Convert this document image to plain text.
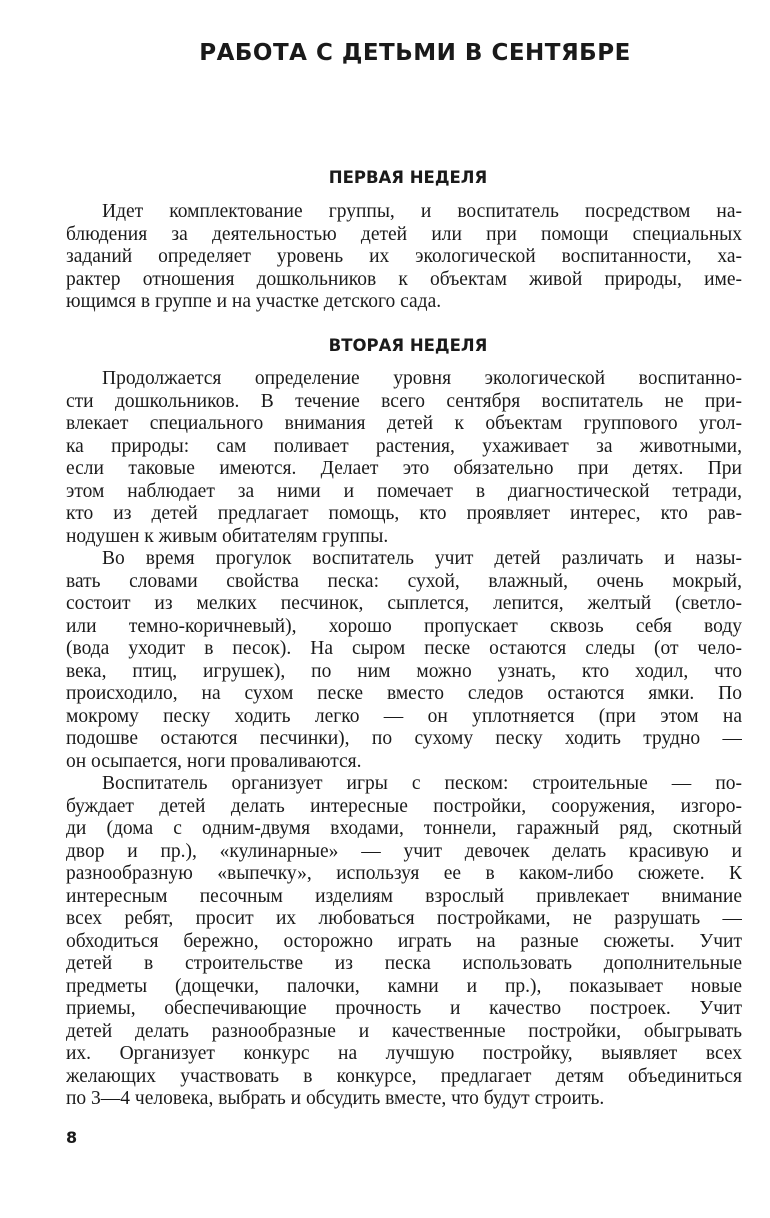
РАБОТА С ДЕТЬМИ В СЕНТЯБРЕ
ПЕРВАЯ НЕДЕЛЯ
Идет комплектование группы, и воспитатель посредством на-
блюдения за деятельностью детей или при помощи специальных
заданий определяет уровень их экологической воспитанности, ха-
рактер отношения дошкольников к объектам живой природы, име-
ющимся в группе и на участке детского сада.
ВТОРАЯ НЕДЕЛЯ
Продолжается определение уровня экологической воспитанно-
сти дошкольников. В течение всего сентября воспитатель не при-
влекает специального внимания детей к объектам группового угол-
ка природы: сам поливает растения, ухаживает за животными,
если таковые имеются. Делает это обязательно при детях. При
этом наблюдает за ними и помечает в диагностической тетради,
кто из детей предлагает помощь, кто проявляет интерес, кто рав-
нодушен к живым обитателям группы.
Во время прогулок воспитатель учит детей различать и назы-
вать словами свойства песка: сухой, влажный, очень мокрый,
состоит из мелких песчинок, сыплется, лепится, желтый (светло-
или темно-коричневый), хорошо пропускает сквозь себя воду
(вода уходит в песок). На сыром песке остаются следы (от чело-
века, птиц, игрушек), по ним можно узнать, кто ходил, что
происходило, на сухом песке вместо следов остаются ямки. По
мокрому песку ходить легко — он уплотняется (при этом на
подошве остаются песчинки), по сухому песку ходить трудно —
он осыпается, ноги проваливаются.
Воспитатель организует игры с песком: строительные — по-
буждает детей делать интересные постройки, сооружения, изгоро-
ди (дома с одним-двумя входами, тоннели, гаражный ряд, скотный
двор и пр.), «кулинарные» — учит девочек делать красивую и
разнообразную «выпечку», используя ее в каком-либо сюжете. К
интересным песочным изделиям взрослый привлекает внимание
всех ребят, просит их любоваться постройками, не разрушать —
обходиться бережно, осторожно играть на разные сюжеты. Учит
детей в строительстве из песка использовать дополнительные
предметы (дощечки, палочки, камни и пр.), показывает новые
приемы, обеспечивающие прочность и качество построек. Учит
детей делать разнообразные и качественные постройки, обыгрывать
их. Организует конкурс на лучшую постройку, выявляет всех
желающих участвовать в конкурсе, предлагает детям объединиться
по 3—4 человека, выбрать и обсудить вместе, что будут строить.
8
